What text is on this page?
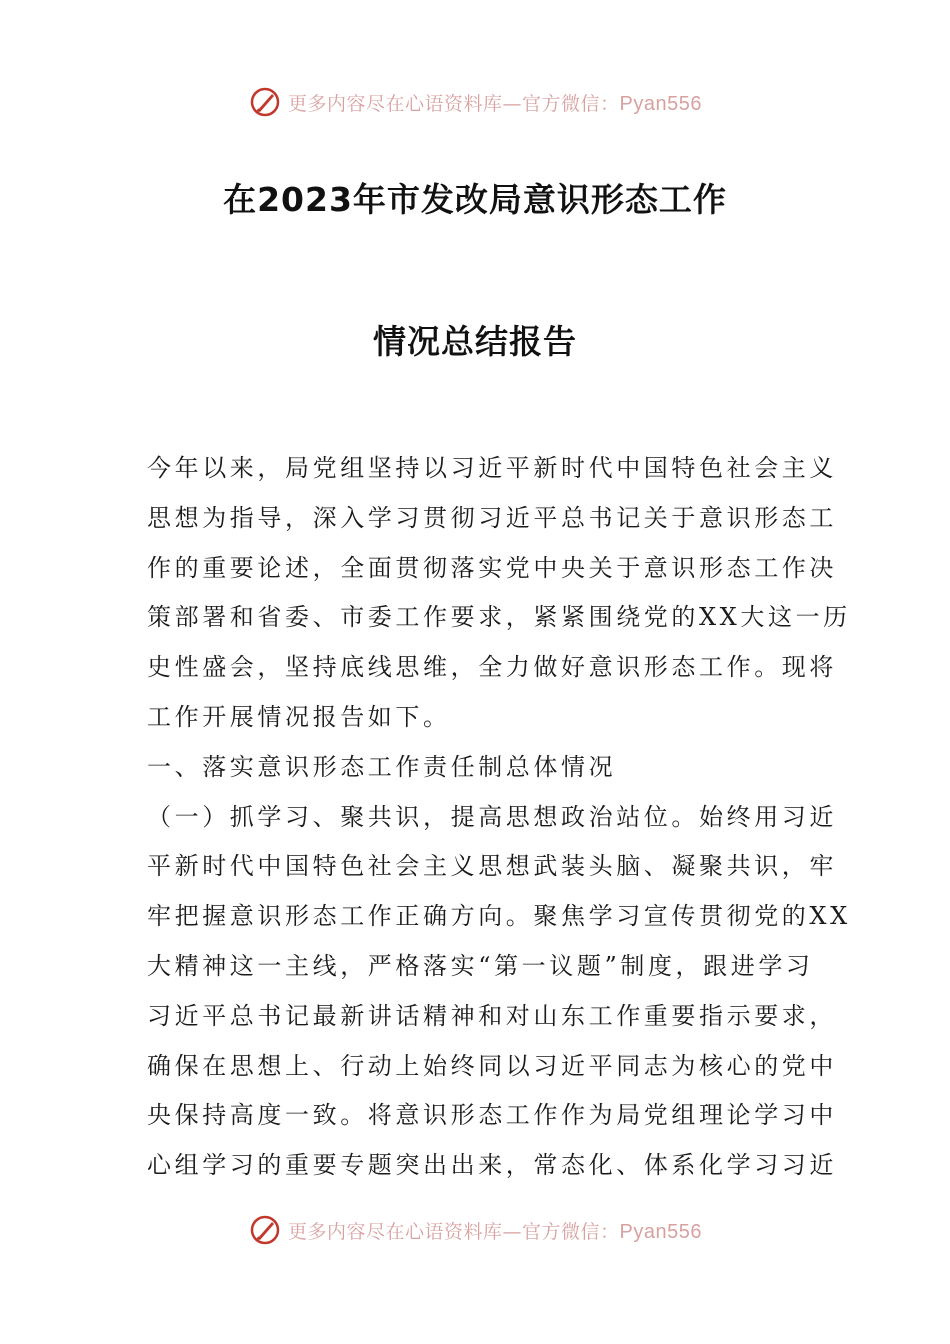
更多内容尽在心语资料库—官方微信：Pyan556
在2023年市发改局意识形态工作
情况总结报告
今年以来，局党组坚持以习近平新时代中国特色社会主义
思想为指导，深入学习贯彻习近平总书记关于意识形态工
作的重要论述，全面贯彻落实党中央关于意识形态工作决
策部署和省委、市委工作要求，紧紧围绕党的XX大这一历
史性盛会，坚持底线思维，全力做好意识形态工作。现将
工作开展情况报告如下。
一、落实意识形态工作责任制总体情况
（一）抓学习、聚共识，提高思想政治站位。始终用习近
平新时代中国特色社会主义思想武装头脑、凝聚共识，牢
牢把握意识形态工作正确方向。聚焦学习宣传贯彻党的XX
大精神这一主线，严格落实“第一议题”制度，跟进学习
习近平总书记最新讲话精神和对山东工作重要指示要求，
确保在思想上、行动上始终同以习近平同志为核心的党中
央保持高度一致。将意识形态工作作为局党组理论学习中
心组学习的重要专题突出出来，常态化、体系化学习习近
更多内容尽在心语资料库—官方微信：Pyan556
